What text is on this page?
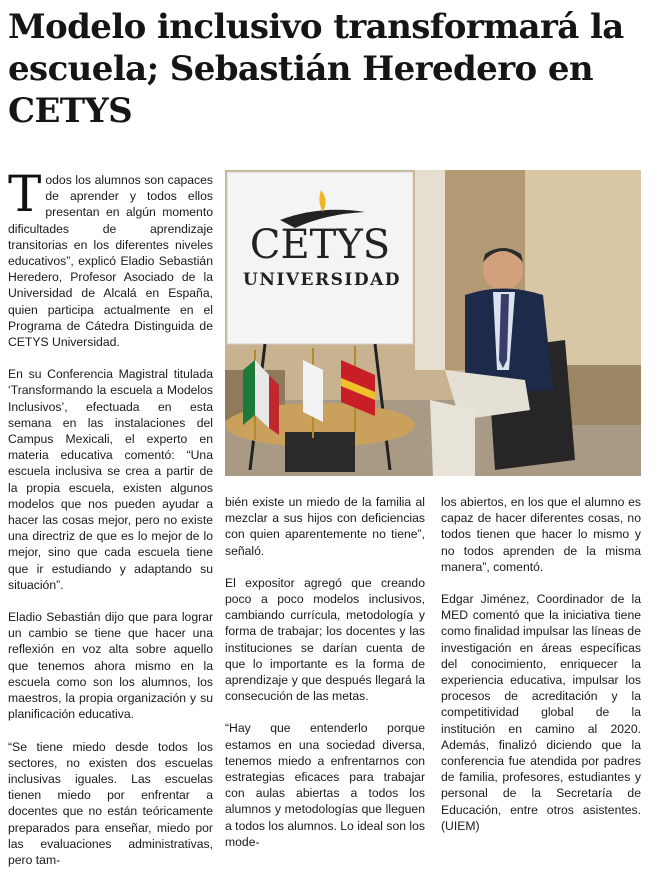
Modelo inclusivo transformará la escuela; Sebastián Heredero en CETYS

Todos los alumnos son capaces de aprender y todos ellos presentan en algún momento dificultades de aprendizaje transitorias en los diferentes niveles educativos”, explicó Eladio Sebastián Heredero, Profesor Asociado de la Universidad de Alcalá en España, quien participa actualmente en el Programa de Cátedra Distinguida de CETYS Universidad.

En su Conferencia Magistral titulada ‘Transformando la escuela a Modelos Inclusivos’, efectuada en esta semana en las instalaciones del Campus Mexicali, el experto en materia educativa comentó: “Una escuela inclusiva se crea a partir de la propia escuela, existen algunos modelos que nos pueden ayudar a hacer las cosas mejor, pero no existe una directriz de que es lo mejor de lo mejor, sino que cada escuela tiene que ir estudiando y adaptando su situación”.

Eladio Sebastián dijo que para lograr un cambio se tiene que hacer una reflexión en voz alta sobre aquello que tenemos ahora mismo en la escuela como son los alumnos, los maestros, la propia organización y su planificación educativa.

“Se tiene miedo desde todos los sectores, no existen dos escuelas inclusivas iguales. Las escuelas tienen miedo por enfrentar a docentes que no están teóricamente preparados para enseñar, miedo por las evaluaciones administrativas, pero tam-

CETYS
UNIVERSIDAD

bién existe un miedo de la familia al mezclar a sus hijos con deficiencias con quien aparentemente no tiene”, señaló.

El expositor agregó que creando poco a poco modelos inclusivos, cambiando currícula, metodología y forma de trabajar; los docentes y las instituciones se darían cuenta de que lo importante es la forma de aprendizaje y que después llegará la consecución de las metas.

“Hay que entenderlo porque estamos en una sociedad diversa, tenemos miedo a enfrentarnos con estrategias eficaces para trabajar con aulas abiertas a todos los alumnos y metodologías que lleguen a todos los alumnos. Lo ideal son los mode-

los abiertos, en los que el alumno es capaz de hacer diferentes cosas, no todos tienen que hacer lo mismo y no todos aprenden de la misma manera”, comentó.

Edgar Jiménez, Coordinador de la MED comentó que la iniciativa tiene como finalidad impulsar las líneas de investigación en áreas específicas del conocimiento, enriquecer la experiencia educativa, impulsar los procesos de acreditación y la competitividad global de la institución en camino al 2020. Además, finalizó diciendo que la conferencia fue atendida por padres de familia, profesores, estudiantes y personal de la Secretaría de Educación, entre otros asistentes. (UIEM)
